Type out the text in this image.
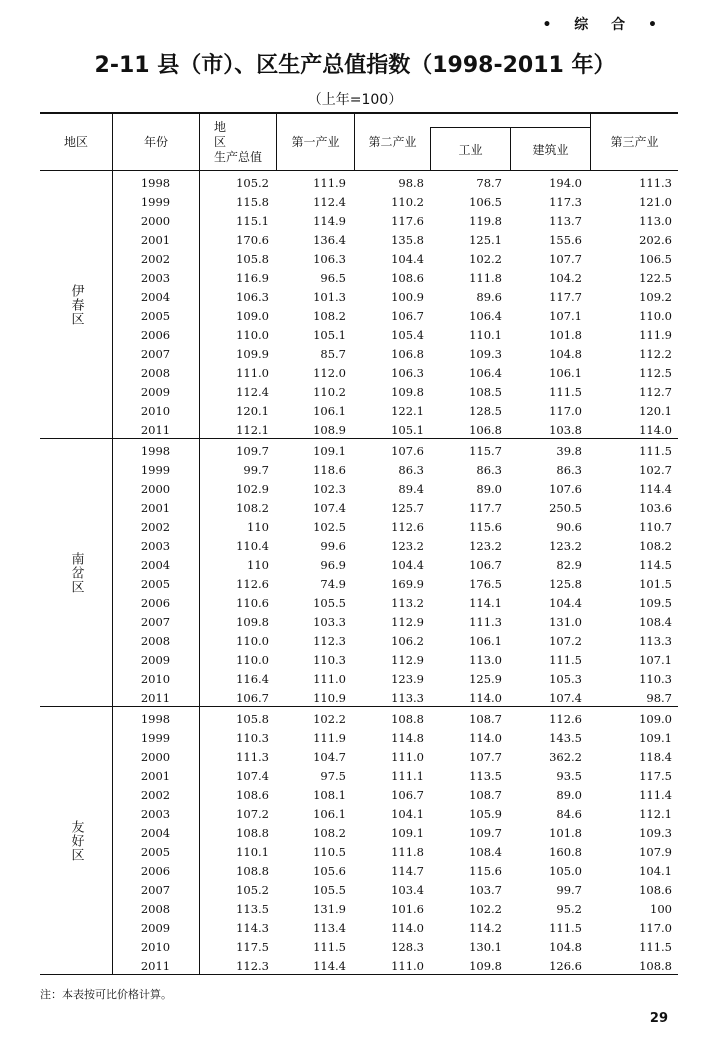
• 综 合 •
2-11 县（市）、区生产总值指数（1998-2011 年）
（上年=100）
地区	年份
地 区
生产总值
第一产业	第二产业
工业	建筑业
第三产业
伊春区
1998	105.2	111.9	98.8	78.7	194.0	111.3
1999	115.8	112.4	110.2	106.5	117.3	121.0
2000	115.1	114.9	117.6	119.8	113.7	113.0
2001	170.6	136.4	135.8	125.1	155.6	202.6
2002	105.8	106.3	104.4	102.2	107.7	106.5
2003	116.9	96.5	108.6	111.8	104.2	122.5
2004	106.3	101.3	100.9	89.6	117.7	109.2
2005	109.0	108.2	106.7	106.4	107.1	110.0
2006	110.0	105.1	105.4	110.1	101.8	111.9
2007	109.9	85.7	106.8	109.3	104.8	112.2
2008	111.0	112.0	106.3	106.4	106.1	112.5
2009	112.4	110.2	109.8	108.5	111.5	112.7
2010	120.1	106.1	122.1	128.5	117.0	120.1
2011	112.1	108.9	105.1	106.8	103.8	114.0
南岔区
1998	109.7	109.1	107.6	115.7	39.8	111.5
1999	99.7	118.6	86.3	86.3	86.3	102.7
2000	102.9	102.3	89.4	89.0	107.6	114.4
2001	108.2	107.4	125.7	117.7	250.5	103.6
2002	110	102.5	112.6	115.6	90.6	110.7
2003	110.4	99.6	123.2	123.2	123.2	108.2
2004	110	96.9	104.4	106.7	82.9	114.5
2005	112.6	74.9	169.9	176.5	125.8	101.5
2006	110.6	105.5	113.2	114.1	104.4	109.5
2007	109.8	103.3	112.9	111.3	131.0	108.4
2008	110.0	112.3	106.2	106.1	107.2	113.3
2009	110.0	110.3	112.9	113.0	111.5	107.1
2010	116.4	111.0	123.9	125.9	105.3	110.3
2011	106.7	110.9	113.3	114.0	107.4	98.7
友好区
1998	105.8	102.2	108.8	108.7	112.6	109.0
1999	110.3	111.9	114.8	114.0	143.5	109.1
2000	111.3	104.7	111.0	107.7	362.2	118.4
2001	107.4	97.5	111.1	113.5	93.5	117.5
2002	108.6	108.1	106.7	108.7	89.0	111.4
2003	107.2	106.1	104.1	105.9	84.6	112.1
2004	108.8	108.2	109.1	109.7	101.8	109.3
2005	110.1	110.5	111.8	108.4	160.8	107.9
2006	108.8	105.6	114.7	115.6	105.0	104.1
2007	105.2	105.5	103.4	103.7	99.7	108.6
2008	113.5	131.9	101.6	102.2	95.2	100
2009	114.3	113.4	114.0	114.2	111.5	117.0
2010	117.5	111.5	128.3	130.1	104.8	111.5
2011	112.3	114.4	111.0	109.8	126.6	108.8
注：本表按可比价格计算。
29
